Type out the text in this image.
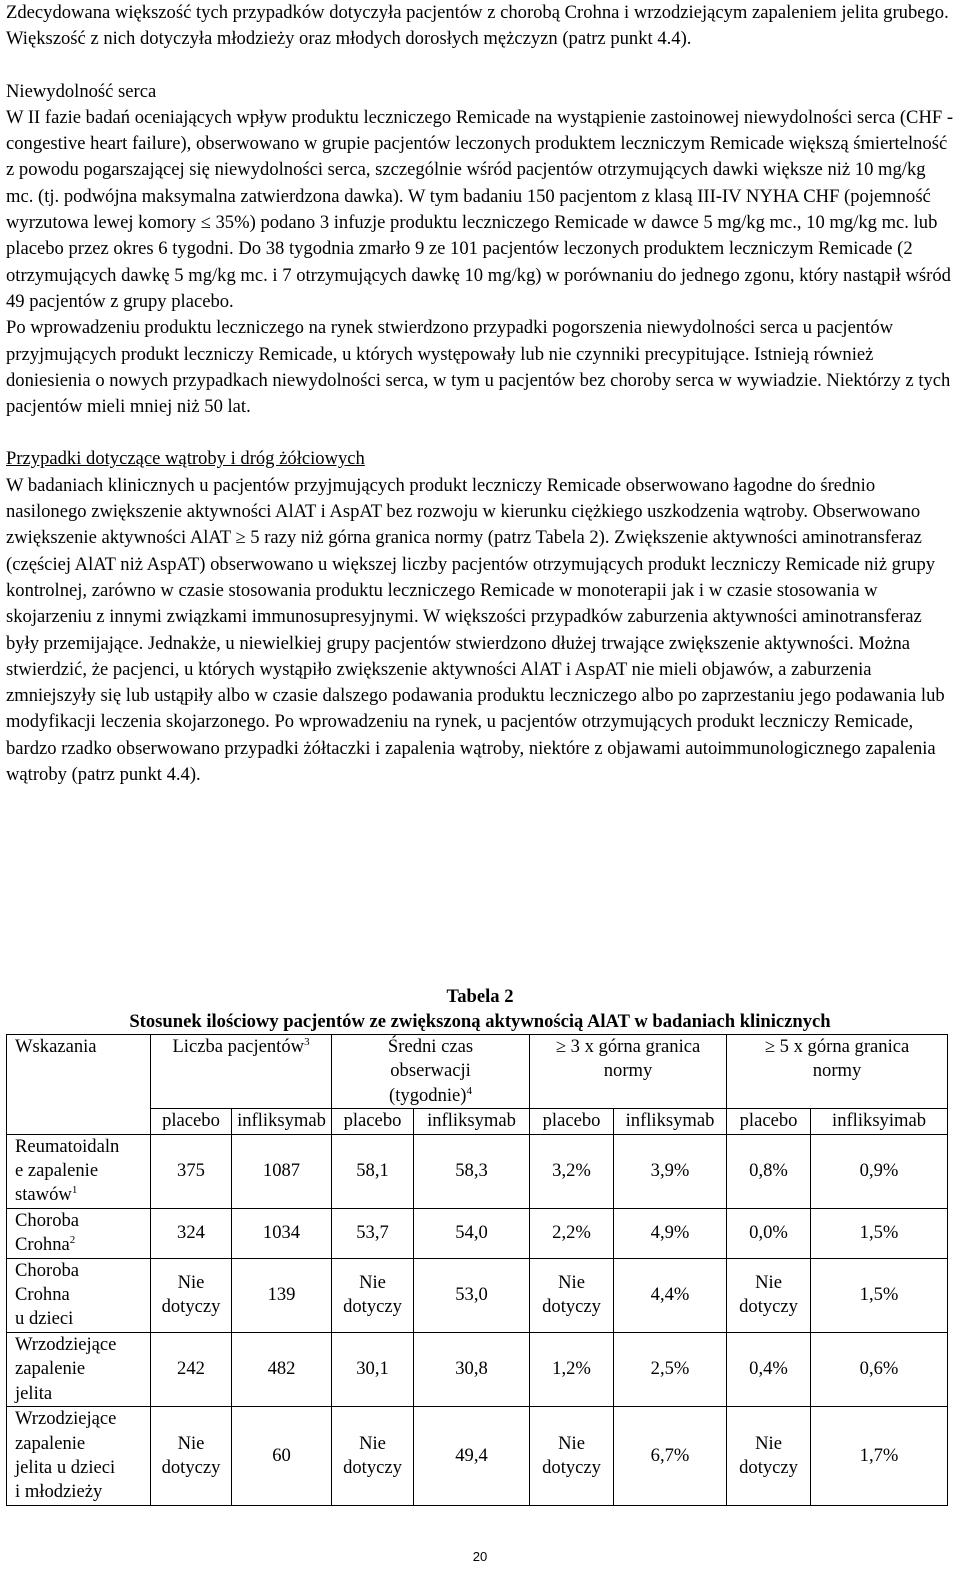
Zdecydowana większość tych przypadków dotyczyła pacjentów z chorobą Crohna i wrzodziejącym zapaleniem jelita grubego. Większość z nich dotyczyła młodzieży oraz młodych dorosłych mężczyzn (patrz punkt 4.4).

Niewydolność serca

W II fazie badań oceniających wpływ produktu leczniczego Remicade na wystąpienie zastoinowej niewydolności serca (CHF - congestive heart failure), obserwowano w grupie pacjentów leczonych produktem leczniczym Remicade większą śmiertelność z powodu pogarszającej się niewydolności serca, szczególnie wśród pacjentów otrzymujących dawki większe niż 10 mg/kg mc. (tj. podwójna maksymalna zatwierdzona dawka). W tym badaniu 150 pacjentom z klasą III-IV NYHA CHF (pojemność wyrzutowa lewej komory ≤ 35%) podano 3 infuzje produktu leczniczego Remicade w dawce 5 mg/kg mc., 10 mg/kg mc. lub placebo przez okres 6 tygodni. Do 38 tygodnia zmarło 9 ze 101 pacjentów leczonych produktem leczniczym Remicade (2 otrzymujących dawkę 5 mg/kg mc. i 7 otrzymujących dawkę 10 mg/kg) w porównaniu do jednego zgonu, który nastąpił wśród 49 pacjentów z grupy placebo.

Po wprowadzeniu produktu leczniczego na rynek stwierdzono przypadki pogorszenia niewydolności serca u pacjentów przyjmujących produkt leczniczy Remicade, u których występowały lub nie czynniki precypitujące. Istnieją również doniesienia o nowych przypadkach niewydolności serca, w tym u pacjentów bez choroby serca w wywiadzie. Niektórzy z tych pacjentów mieli mniej niż 50 lat.

Przypadki dotyczące wątroby i dróg żółciowych

W badaniach klinicznych u pacjentów przyjmujących produkt leczniczy Remicade obserwowano łagodne do średnio nasilonego zwiększenie aktywności AlAT i AspAT bez rozwoju w kierunku ciężkiego uszkodzenia wątroby. Obserwowano zwiększenie aktywności AlAT ≥ 5 razy niż górna granica normy (patrz Tabela 2). Zwiększenie aktywności aminotransferaz (częściej AlAT niż AspAT) obserwowano u większej liczby pacjentów otrzymujących produkt leczniczy Remicade niż grupy kontrolnej, zarówno w czasie stosowania produktu leczniczego Remicade w monoterapii jak i w czasie stosowania w skojarzeniu z innymi związkami immunosupresyjnymi. W większości przypadków zaburzenia aktywności aminotransferaz były przemijające. Jednakże, u niewielkiej grupy pacjentów stwierdzono dłużej trwające zwiększenie aktywności. Można stwierdzić, że pacjenci, u których wystąpiło zwiększenie aktywności AlAT i AspAT nie mieli objawów, a zaburzenia zmniejszyły się lub ustąpiły albo w czasie dalszego podawania produktu leczniczego albo po zaprzestaniu jego podawania lub modyfikacji leczenia skojarzonego. Po wprowadzeniu na rynek, u pacjentów otrzymujących produkt leczniczy Remicade, bardzo rzadko obserwowano przypadki żółtaczki i zapalenia wątroby, niektóre z objawami autoimmunologicznego zapalenia wątroby (patrz punkt 4.4).

Tabela 2

Stosunek ilościowy pacjentów ze zwiększoną aktywnością AlAT w badaniach klinicznych

Wskazania	Liczba pacjentów$^3$		Średni czas
obserwacji
(tygodnie)$^4$		≥ 3 x górna granica
normy		≥ 5 x górna granica
normy	
	placebo	infliksymab	placebo	infliksymab	placebo	infliksymab	placebo	infliksyimab
Reumatoidaln
e zapalenie
stawów$^1$	375	1087	58,1	58,3	3,2%	3,9%	0,8%	0,9%
Choroba
Crohna$^2$	324	1034	53,7	54,0	2,2%	4,9%	0,0%	1,5%
Choroba
Crohna
u dzieci	Nie
dotyczy	139	Nie
dotyczy	53,0	Nie
dotyczy	4,4%	Nie
dotyczy	1,5%
Wrzodziejące
zapalenie
jelita	242	482	30,1	30,8	1,2%	2,5%	0,4%	0,6%
Wrzodziejące
zapalenie
jelita u dzieci
i młodzieży	Nie
dotyczy	60	Nie
dotyczy	49,4	Nie
dotyczy	6,7%	Nie
dotyczy	1,7%
20
